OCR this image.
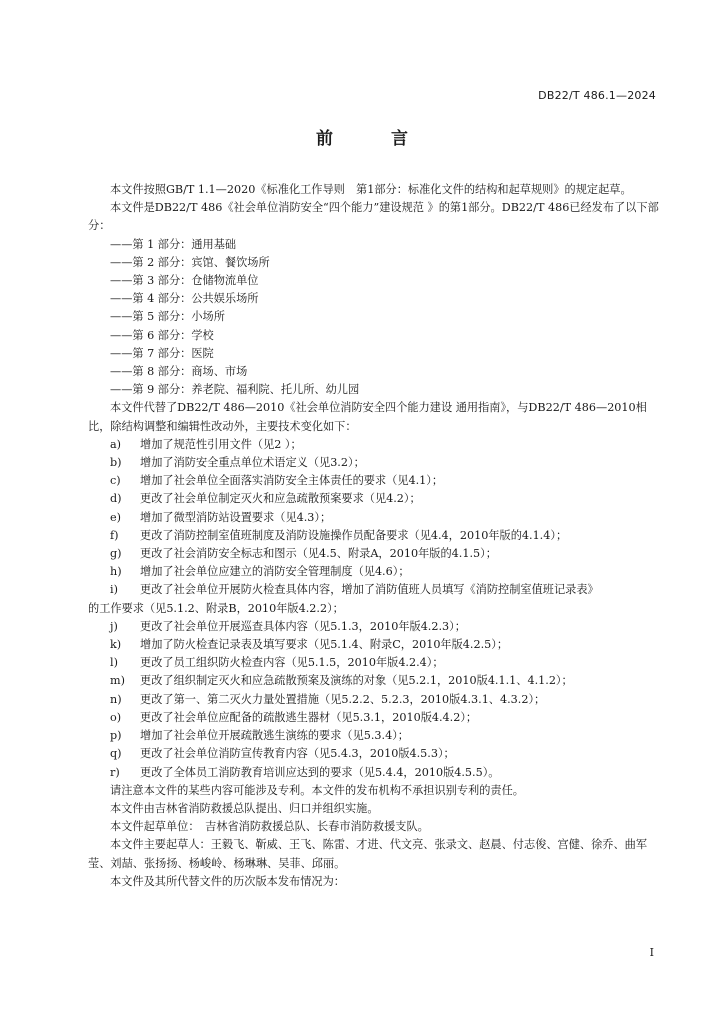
DB22/T 486.1—2024
前 言

本文件按照GB/T 1.1—2020《标准化工作导则　第1部分：标准化文件的结构和起草规则》的规定起草。

本文件是DB22/T 486《社会单位消防安全“四个能力”建设规范 》的第1部分。DB22/T 486已经发布了以下部分：

——第 1 部分：通用基础

——第 2 部分：宾馆、餐饮场所

——第 3 部分：仓储物流单位

——第 4 部分：公共娱乐场所

——第 5 部分：小场所

——第 6 部分：学校

——第 7 部分：医院

——第 8 部分：商场、市场

——第 9 部分：养老院、福利院、托儿所、幼儿园

本文件代替了DB22/T 486—2010《社会单位消防安全四个能力建设 通用指南》，与DB22/T 486—2010相比，除结构调整和编辑性改动外，主要技术变化如下：

a) 增加了规范性引用文件（见2 ）；

b) 增加了消防安全重点单位术语定义（见3.2）；

c) 增加了社会单位全面落实消防安全主体责任的要求（见4.1）；

d) 更改了社会单位制定灭火和应急疏散预案要求（见4.2）；

e) 增加了微型消防站设置要求（见4.3）；

f) 更改了消防控制室值班制度及消防设施操作员配备要求（见4.4，2010年版的4.1.4）；

g) 更改了社会消防安全标志和图示（见4.5、附录A，2010年版的4.1.5）；

h) 增加了社会单位应建立的消防安全管理制度（见4.6）；

i) 更改了社会单位开展防火检查具体内容，增加了消防值班人员填写《消防控制室值班记录表》

的工作要求（见5.1.2、附录B，2010年版4.2.2）；

j) 更改了社会单位开展巡查具体内容（见5.1.3，2010年版4.2.3）；

k) 增加了防火检查记录表及填写要求（见5.1.4、附录C，2010年版4.2.5）；

l) 更改了员工组织防火检查内容（见5.1.5，2010年版4.2.4）；

m) 更改了组织制定灭火和应急疏散预案及演练的对象（见5.2.1，2010版4.1.1、4.1.2）；

n) 更改了第一、第二灭火力量处置措施（见5.2.2、5.2.3，2010版4.3.1、4.3.2）；

o) 更改了社会单位应配备的疏散逃生器材（见5.3.1，2010版4.4.2）；

p) 增加了社会单位开展疏散逃生演练的要求（见5.3.4）；

q) 更改了社会单位消防宣传教育内容（见5.4.3，2010版4.5.3）；

r) 更改了全体员工消防教育培训应达到的要求（见5.4.4，2010版4.5.5）。

请注意本文件的某些内容可能涉及专利。本文件的发布机构不承担识别专利的责任。

本文件由吉林省消防救援总队提出、归口并组织实施。

本文件起草单位：　吉林省消防救援总队、长春市消防救援支队。

本文件主要起草人：王毅飞、靳威、王飞、陈雷、才进、代文亮、张录文、赵晨、付志俊、宫健、徐乔、曲军莹、刘喆、张扬扬、杨峻岭、杨琳琳、吴菲、邱丽。

本文件及其所代替文件的历次版本发布情况为：

I
